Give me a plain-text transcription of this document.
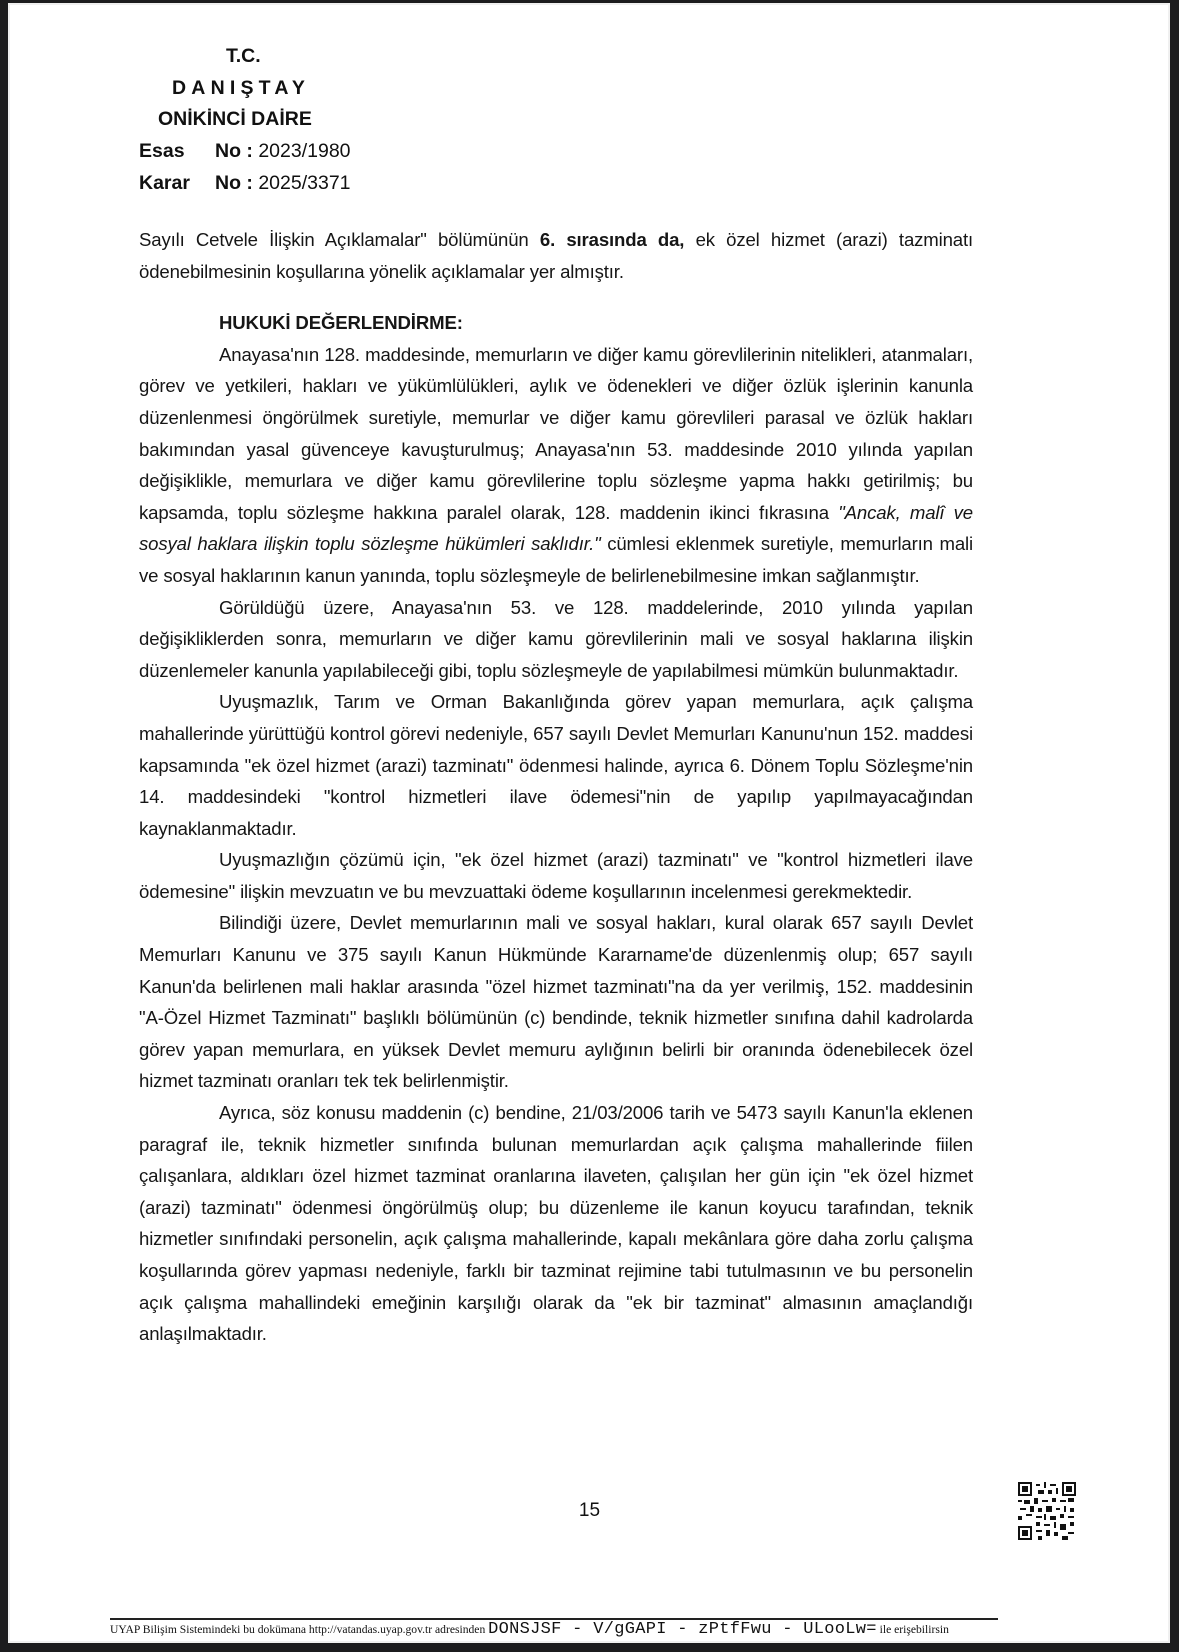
T.C.
DANIŞTAY
ONİKİNCİ DAİRE
Esas No : 2023/1980
Karar No : 2025/3371

Sayılı Cetvele İlişkin Açıklamalar" bölümünün 6. sırasında da, ek özel hizmet (arazi) tazminatı ödenebilmesinin koşullarına yönelik açıklamalar yer almıştır.

HUKUKİ DEĞERLENDİRME:

Anayasa'nın 128. maddesinde, memurların ve diğer kamu görevlilerinin nitelikleri, atanmaları, görev ve yetkileri, hakları ve yükümlülükleri, aylık ve ödenekleri ve diğer özlük işlerinin kanunla düzenlenmesi öngörülmek suretiyle, memurlar ve diğer kamu görevlileri parasal ve özlük hakları bakımından yasal güvenceye kavuşturulmuş; Anayasa'nın 53. maddesinde 2010 yılında yapılan değişiklikle, memurlara ve diğer kamu görevlilerine toplu sözleşme yapma hakkı getirilmiş; bu kapsamda, toplu sözleşme hakkına paralel olarak, 128. maddenin ikinci fıkrasına "Ancak, malî ve sosyal haklara ilişkin toplu sözleşme hükümleri saklıdır." cümlesi eklenmek suretiyle, memurların mali ve sosyal haklarının kanun yanında, toplu sözleşmeyle de belirlenebilmesine imkan sağlanmıştır.

Görüldüğü üzere, Anayasa'nın 53. ve 128. maddelerinde, 2010 yılında yapılan değişikliklerden sonra, memurların ve diğer kamu görevlilerinin mali ve sosyal haklarına ilişkin düzenlemeler kanunla yapılabileceği gibi, toplu sözleşmeyle de yapılabilmesi mümkün bulunmaktadır.

Uyuşmazlık, Tarım ve Orman Bakanlığında görev yapan memurlara, açık çalışma mahallerinde yürüttüğü kontrol görevi nedeniyle, 657 sayılı Devlet Memurları Kanunu'nun 152. maddesi kapsamında "ek özel hizmet (arazi) tazminatı" ödenmesi halinde, ayrıca 6. Dönem Toplu Sözleşme'nin 14. maddesindeki "kontrol hizmetleri ilave ödemesi"nin de yapılıp yapılmayacağından kaynaklanmaktadır.

Uyuşmazlığın çözümü için, "ek özel hizmet (arazi) tazminatı" ve "kontrol hizmetleri ilave ödemesine" ilişkin mevzuatın ve bu mevzuattaki ödeme koşullarının incelenmesi gerekmektedir.

Bilindiği üzere, Devlet memurlarının mali ve sosyal hakları, kural olarak 657 sayılı Devlet Memurları Kanunu ve 375 sayılı Kanun Hükmünde Kararname'de düzenlenmiş olup; 657 sayılı Kanun'da belirlenen mali haklar arasında "özel hizmet tazminatı"na da yer verilmiş, 152. maddesinin "A-Özel Hizmet Tazminatı" başlıklı bölümünün (c) bendinde, teknik hizmetler sınıfına dahil kadrolarda görev yapan memurlara, en yüksek Devlet memuru aylığının belirli bir oranında ödenebilecek özel hizmet tazminatı oranları tek tek belirlenmiştir.

Ayrıca, söz konusu maddenin (c) bendine, 21/03/2006 tarih ve 5473 sayılı Kanun'la eklenen paragraf ile, teknik hizmetler sınıfında bulunan memurlardan açık çalışma mahallerinde fiilen çalışanlara, aldıkları özel hizmet tazminat oranlarına ilaveten, çalışılan her gün için "ek özel hizmet (arazi) tazminatı" ödenmesi öngörülmüş olup; bu düzenleme ile kanun koyucu tarafından, teknik hizmetler sınıfındaki personelin, açık çalışma mahallerinde, kapalı mekânlara göre daha zorlu çalışma koşullarında görev yapması nedeniyle, farklı bir tazminat rejimine tabi tutulmasının ve bu personelin açık çalışma mahallindeki emeğinin karşılığı olarak da "ek bir tazminat" almasının amaçlandığı anlaşılmaktadır.

15
UYAP Bilişim Sistemindeki bu dokümana http://vatandas.uyap.gov.tr adresinden DONSJSF - V/gGAPI - zPtfFwu - ULooLw= ile erişebilirsin
